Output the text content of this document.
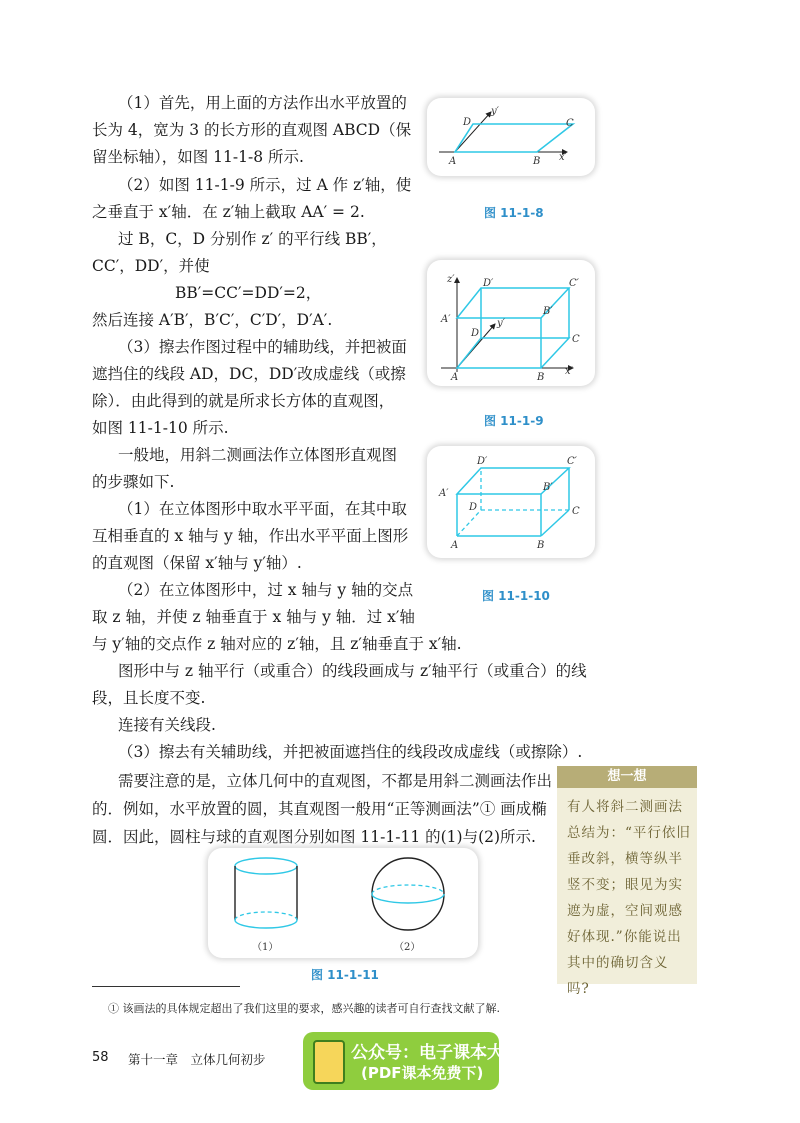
（1）首先，用上面的方法作出水平放置的
长为 4，宽为 3 的长方形的直观图 ABCD（保
留坐标轴），如图 11-1-8 所示.
（2）如图 11-1-9 所示，过 A 作 z′轴，使
之垂直于 x′轴．在 z′轴上截取 AA′ = 2.
过 B，C，D 分别作 z′ 的平行线 BB′，
CC′，DD′，并使
BB′=CC′=DD′=2，
然后连接 A′B′，B′C′，C′D′，D′A′.
（3）擦去作图过程中的辅助线，并把被面
遮挡住的线段 AD，DC，DD′改成虚线（或擦
除）．由此得到的就是所求长方体的直观图，
如图 11-1-10 所示.
一般地，用斜二测画法作立体图形直观图
的步骤如下.
（1）在立体图形中取水平平面，在其中取
互相垂直的 x 轴与 y 轴，作出水平平面上图形
的直观图（保留 x′轴与 y′轴）.
（2）在立体图形中，过 x 轴与 y 轴的交点
取 z 轴，并使 z 轴垂直于 x 轴与 y 轴．过 x′轴
与 y′轴的交点作 z 轴对应的 z′轴，且 z′轴垂直于 x′轴.
图形中与 z 轴平行（或重合）的线段画成与 z′轴平行（或重合）的线
段，且长度不变.
连接有关线段.
（3）擦去有关辅助线，并把被面遮挡住的线段改成虚线（或擦除）.
需要注意的是，立体几何中的直观图，不都是用斜二测画法作出
的．例如，水平放置的圆，其直观图一般用“正等测画法”① 画成椭
圆．因此，圆柱与球的直观图分别如图 11-1-11 的(1)与(2)所示.
y′
x′
A	B
C
D
图 11-1-8
z′
y′
x′
A	B
C
D
A′
B′
C′
D′
图 11-1-9
A	B
C
D
A′
B′
C′
D′
图 11-1-10
（1）	（2）
图 11-1-11
想一想
有人将斜二测画法总结为：“平行依旧垂改斜，横等纵半竖不变；眼见为实遮为虚，空间观感好体现.”你能说出其中的确切含义吗?
① 该画法的具体规定超出了我们这里的要求，感兴趣的读者可自行查找文献了解.
58 第十一章　立体几何初步	公众号：电子课本大全
(PDF课本免费下)
